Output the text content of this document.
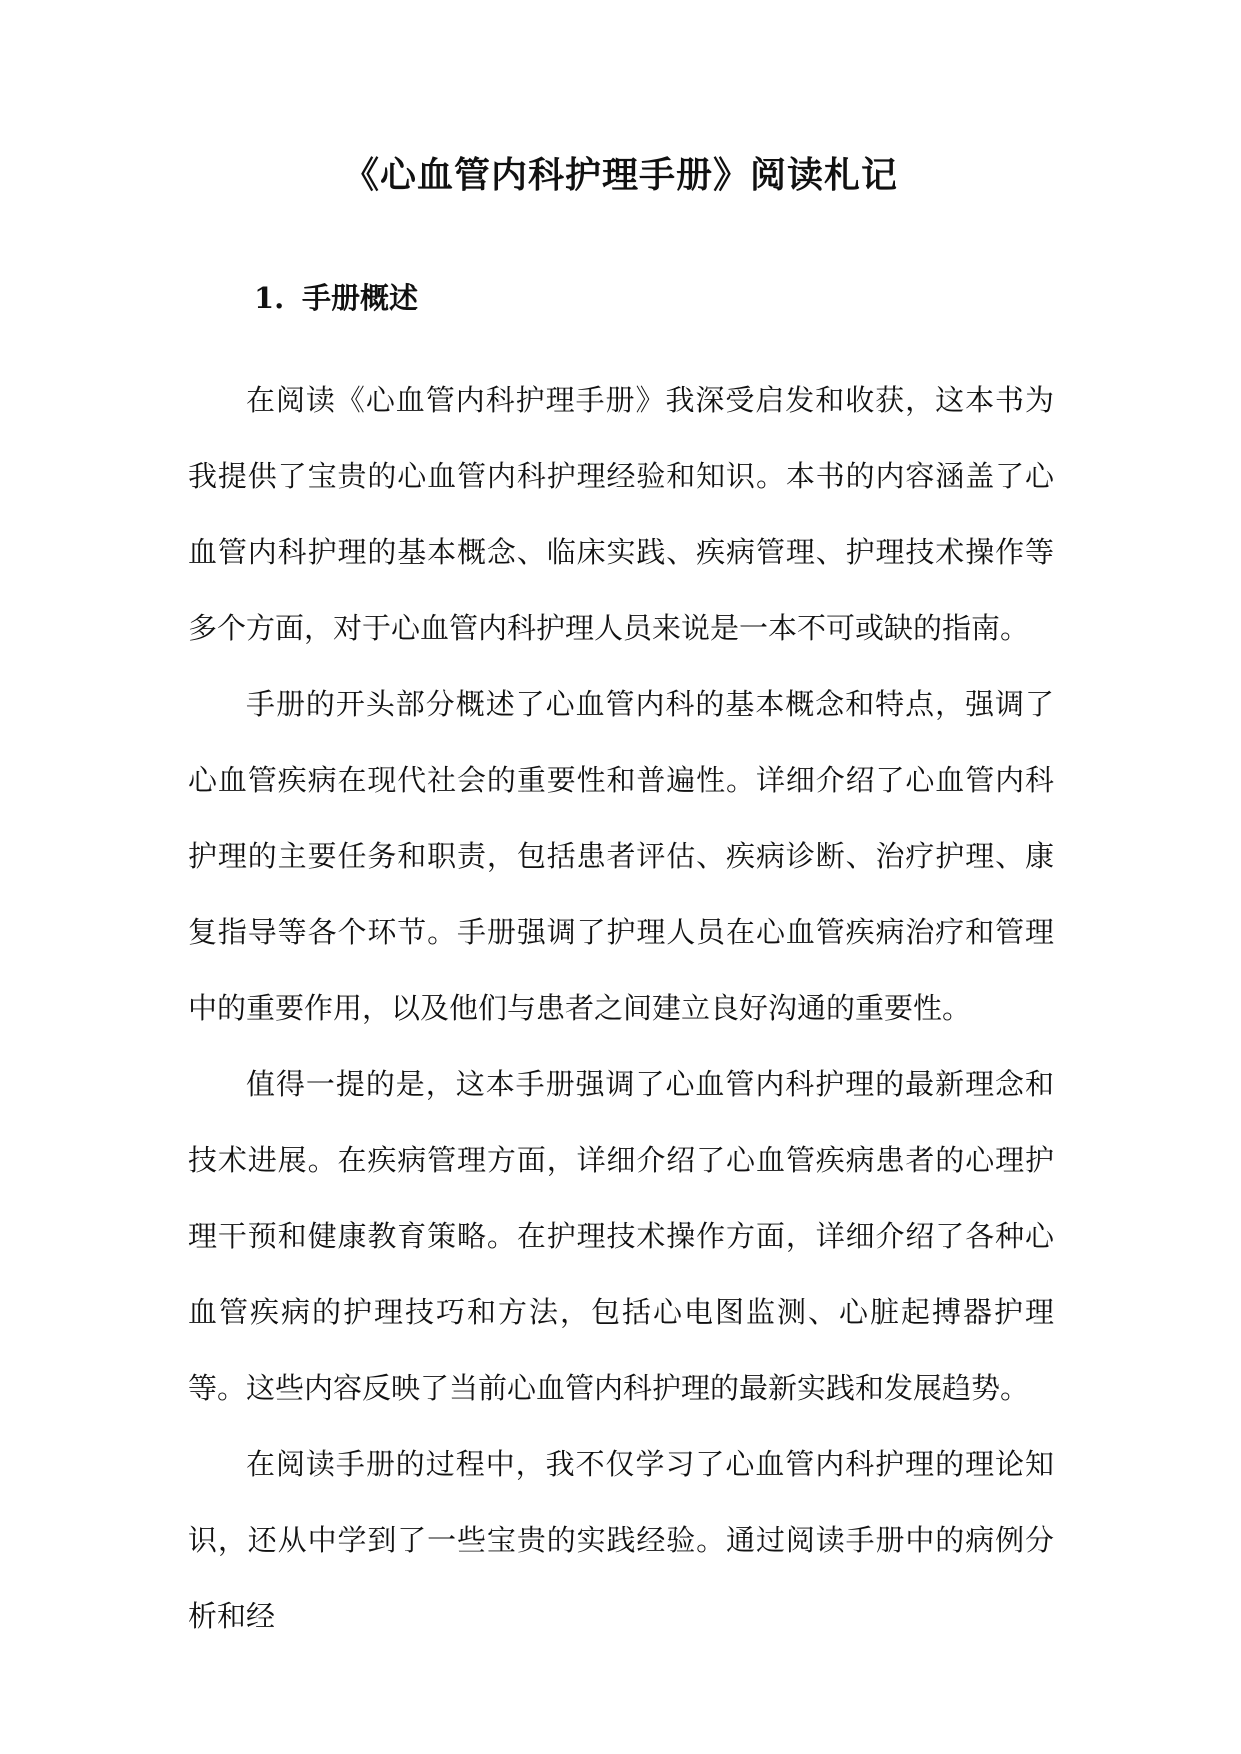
《心血管内科护理手册》阅读札记
1. 手册概述

在阅读《心血管内科护理手册》我深受启发和收获，这本书为我提供了宝贵的心血管内科护理经验和知识。本书的内容涵盖了心血管内科护理的基本概念、临床实践、疾病管理、护理技术操作等多个方面，对于心血管内科护理人员来说是一本不可或缺的指南。

手册的开头部分概述了心血管内科的基本概念和特点，强调了心血管疾病在现代社会的重要性和普遍性。详细介绍了心血管内科护理的主要任务和职责，包括患者评估、疾病诊断、治疗护理、康复指导等各个环节。手册强调了护理人员在心血管疾病治疗和管理中的重要作用，以及他们与患者之间建立良好沟通的重要性。

值得一提的是，这本手册强调了心血管内科护理的最新理念和技术进展。在疾病管理方面，详细介绍了心血管疾病患者的心理护理干预和健康教育策略。在护理技术操作方面，详细介绍了各种心血管疾病的护理技巧和方法，包括心电图监测、心脏起搏器护理等。这些内容反映了当前心血管内科护理的最新实践和发展趋势。

在阅读手册的过程中，我不仅学习了心血管内科护理的理论知识，还从中学到了一些宝贵的实践经验。通过阅读手册中的病例分析和经
